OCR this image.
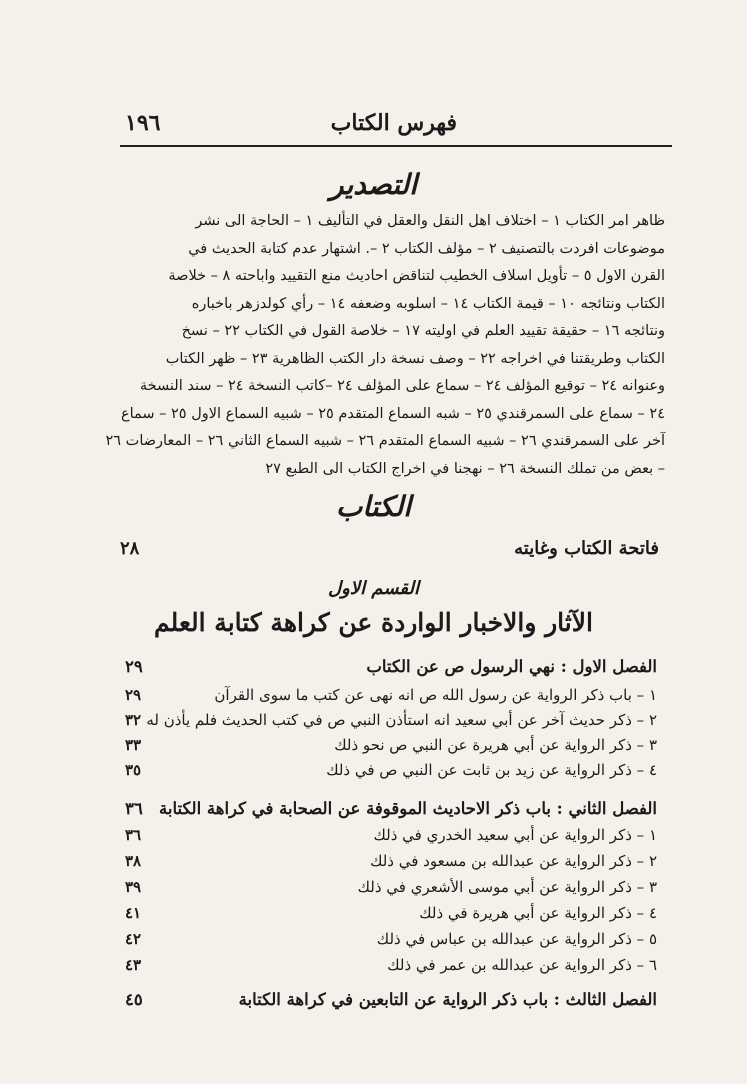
فهرس الكتاب
١٩٦
التصدير
ظاهر امر الكتاب ١ – اختلاف اهل النقل والعقل في التأليف ١ – الحاجة الى نشر
موضوعات افردت بالتصنيف ٢ – مؤلف الكتاب ٢ –. اشتهار عدم كتابة الحديث في
القرن الاول ٥ – تأويل اسلاف الخطيب لتناقض احاديث منع التقييد واباحته ٨ – خلاصة
الكتاب ونتائجه ١٠ – قيمة الكتاب ١٤ – اسلوبه وضعفه ١٤ – رأي كولدزهر باخباره
ونتائجه ١٦ – حقيقة تقييد العلم في اوليته ١٧ – خلاصة القول في الكتاب ٢٢ – نسخ
الكتاب وطريقتنا في اخراجه ٢٢ – وصف نسخة دار الكتب الظاهرية ٢٣ – ظهر الكتاب
وعنوانه ٢٤ – توقيع المؤلف ٢٤ – سماع على المؤلف ٢٤ –كاتب النسخة ٢٤ – سند النسخة
٢٤ – سماع على السمرقندي ٢٥ – شبه السماع المتقدم ٢٥ – شبيه السماع الاول ٢٥ – سماع
آخر على السمرقندي ٢٦ – شبيه السماع المتقدم ٢٦ – شبيه السماع الثاني ٢٦ – المعارضات ٢٦
– بعض من تملك النسخة ٢٦ – نهجنا في اخراج الكتاب الى الطبع ٢٧
الكتاب
فاتحة الكتاب وغايته
٢٨
القسم الاول
الآثار والاخبار الواردة عن كراهة كتابة العلم
الفصل الاول : نهي الرسول ص عن الكتاب
٢٩
١ – باب ذكر الرواية عن رسول الله ص انه نهى عن كتب ما سوى القرآن
٢٩
٢ – ذكر حديث آخر عن أبي سعيد انه استأذن النبي ص في كتب الحديث فلم يأذن له
٣٢
٣ – ذكر الرواية عن أبي هريرة عن النبي ص نحو ذلك
٣٣
٤ – ذكر الرواية عن زيد بن ثابت عن النبي ص في ذلك
٣٥
الفصل الثاني : باب ذكر الاحاديث الموقوفة عن الصحابة في كراهة الكتابة
٣٦
١ – ذكر الرواية عن أبي سعيد الخدري في ذلك
٣٦
٢ – ذكر الرواية عن عبدالله بن مسعود في ذلك
٣٨
٣ – ذكر الرواية عن أبي موسى الأشعري في ذلك
٣٩
٤ – ذكر الرواية عن أبي هريرة في ذلك
٤١
٥ – ذكر الرواية عن عبدالله بن عباس في ذلك
٤٢
٦ – ذكر الرواية عن عبدالله بن عمر في ذلك
٤٣
الفصل الثالث : باب ذكر الرواية عن التابعين في كراهة الكتابة
٤٥
